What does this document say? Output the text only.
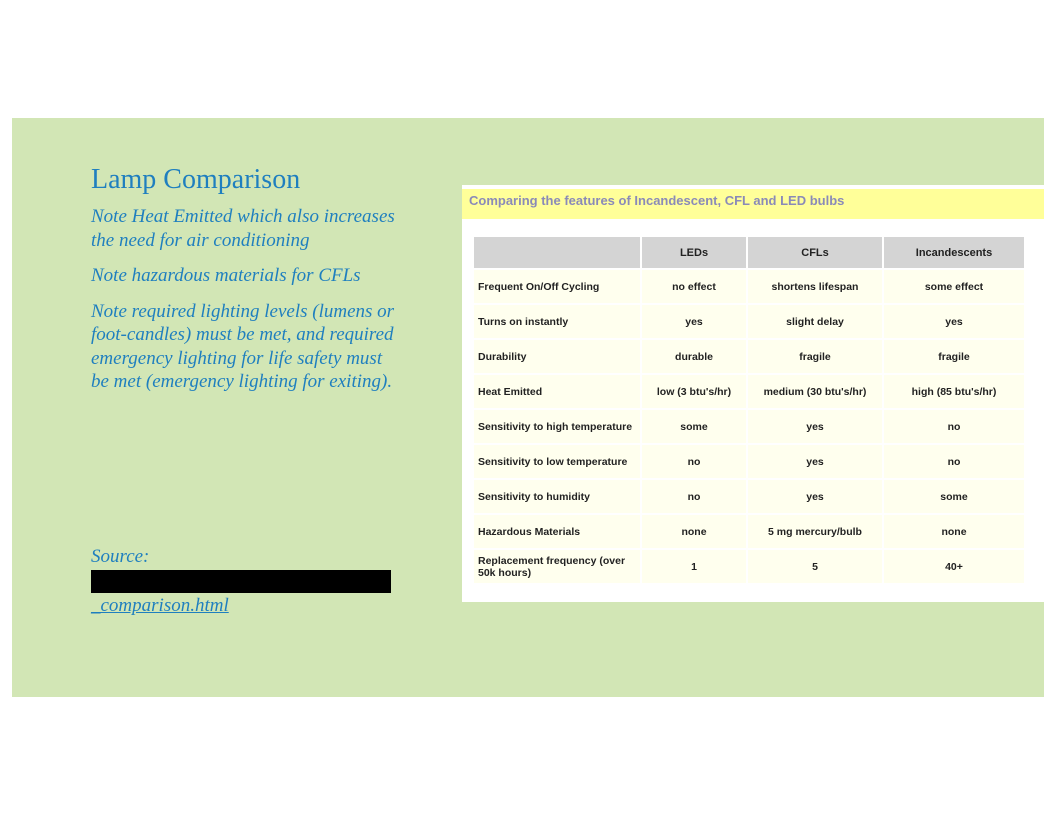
Lamp Comparison

Note Heat Emitted which also increases the need for air conditioning

Note hazardous materials for CFLs

Note required lighting levels (lumens or foot-candles) must be met, and required emergency lighting for life safety must be met (emergency lighting for exiting).

Source:
_comparison.html
Comparing the features of Incandescent, CFL and LED bulbs
	LEDs	CFLs	Incandescents
Frequent On/Off Cycling	no effect	shortens lifespan	some effect
Turns on instantly	yes	slight delay	yes
Durability	durable	fragile	fragile
Heat Emitted	low (3 btu's/hr)	medium (30 btu's/hr)	high (85 btu's/hr)
Sensitivity to high temperature	some	yes	no
Sensitivity to low temperature	no	yes	no
Sensitivity to humidity	no	yes	some
Hazardous Materials	none	5 mg mercury/bulb	none
Replacement frequency (over 50k hours)	1	5	40+
